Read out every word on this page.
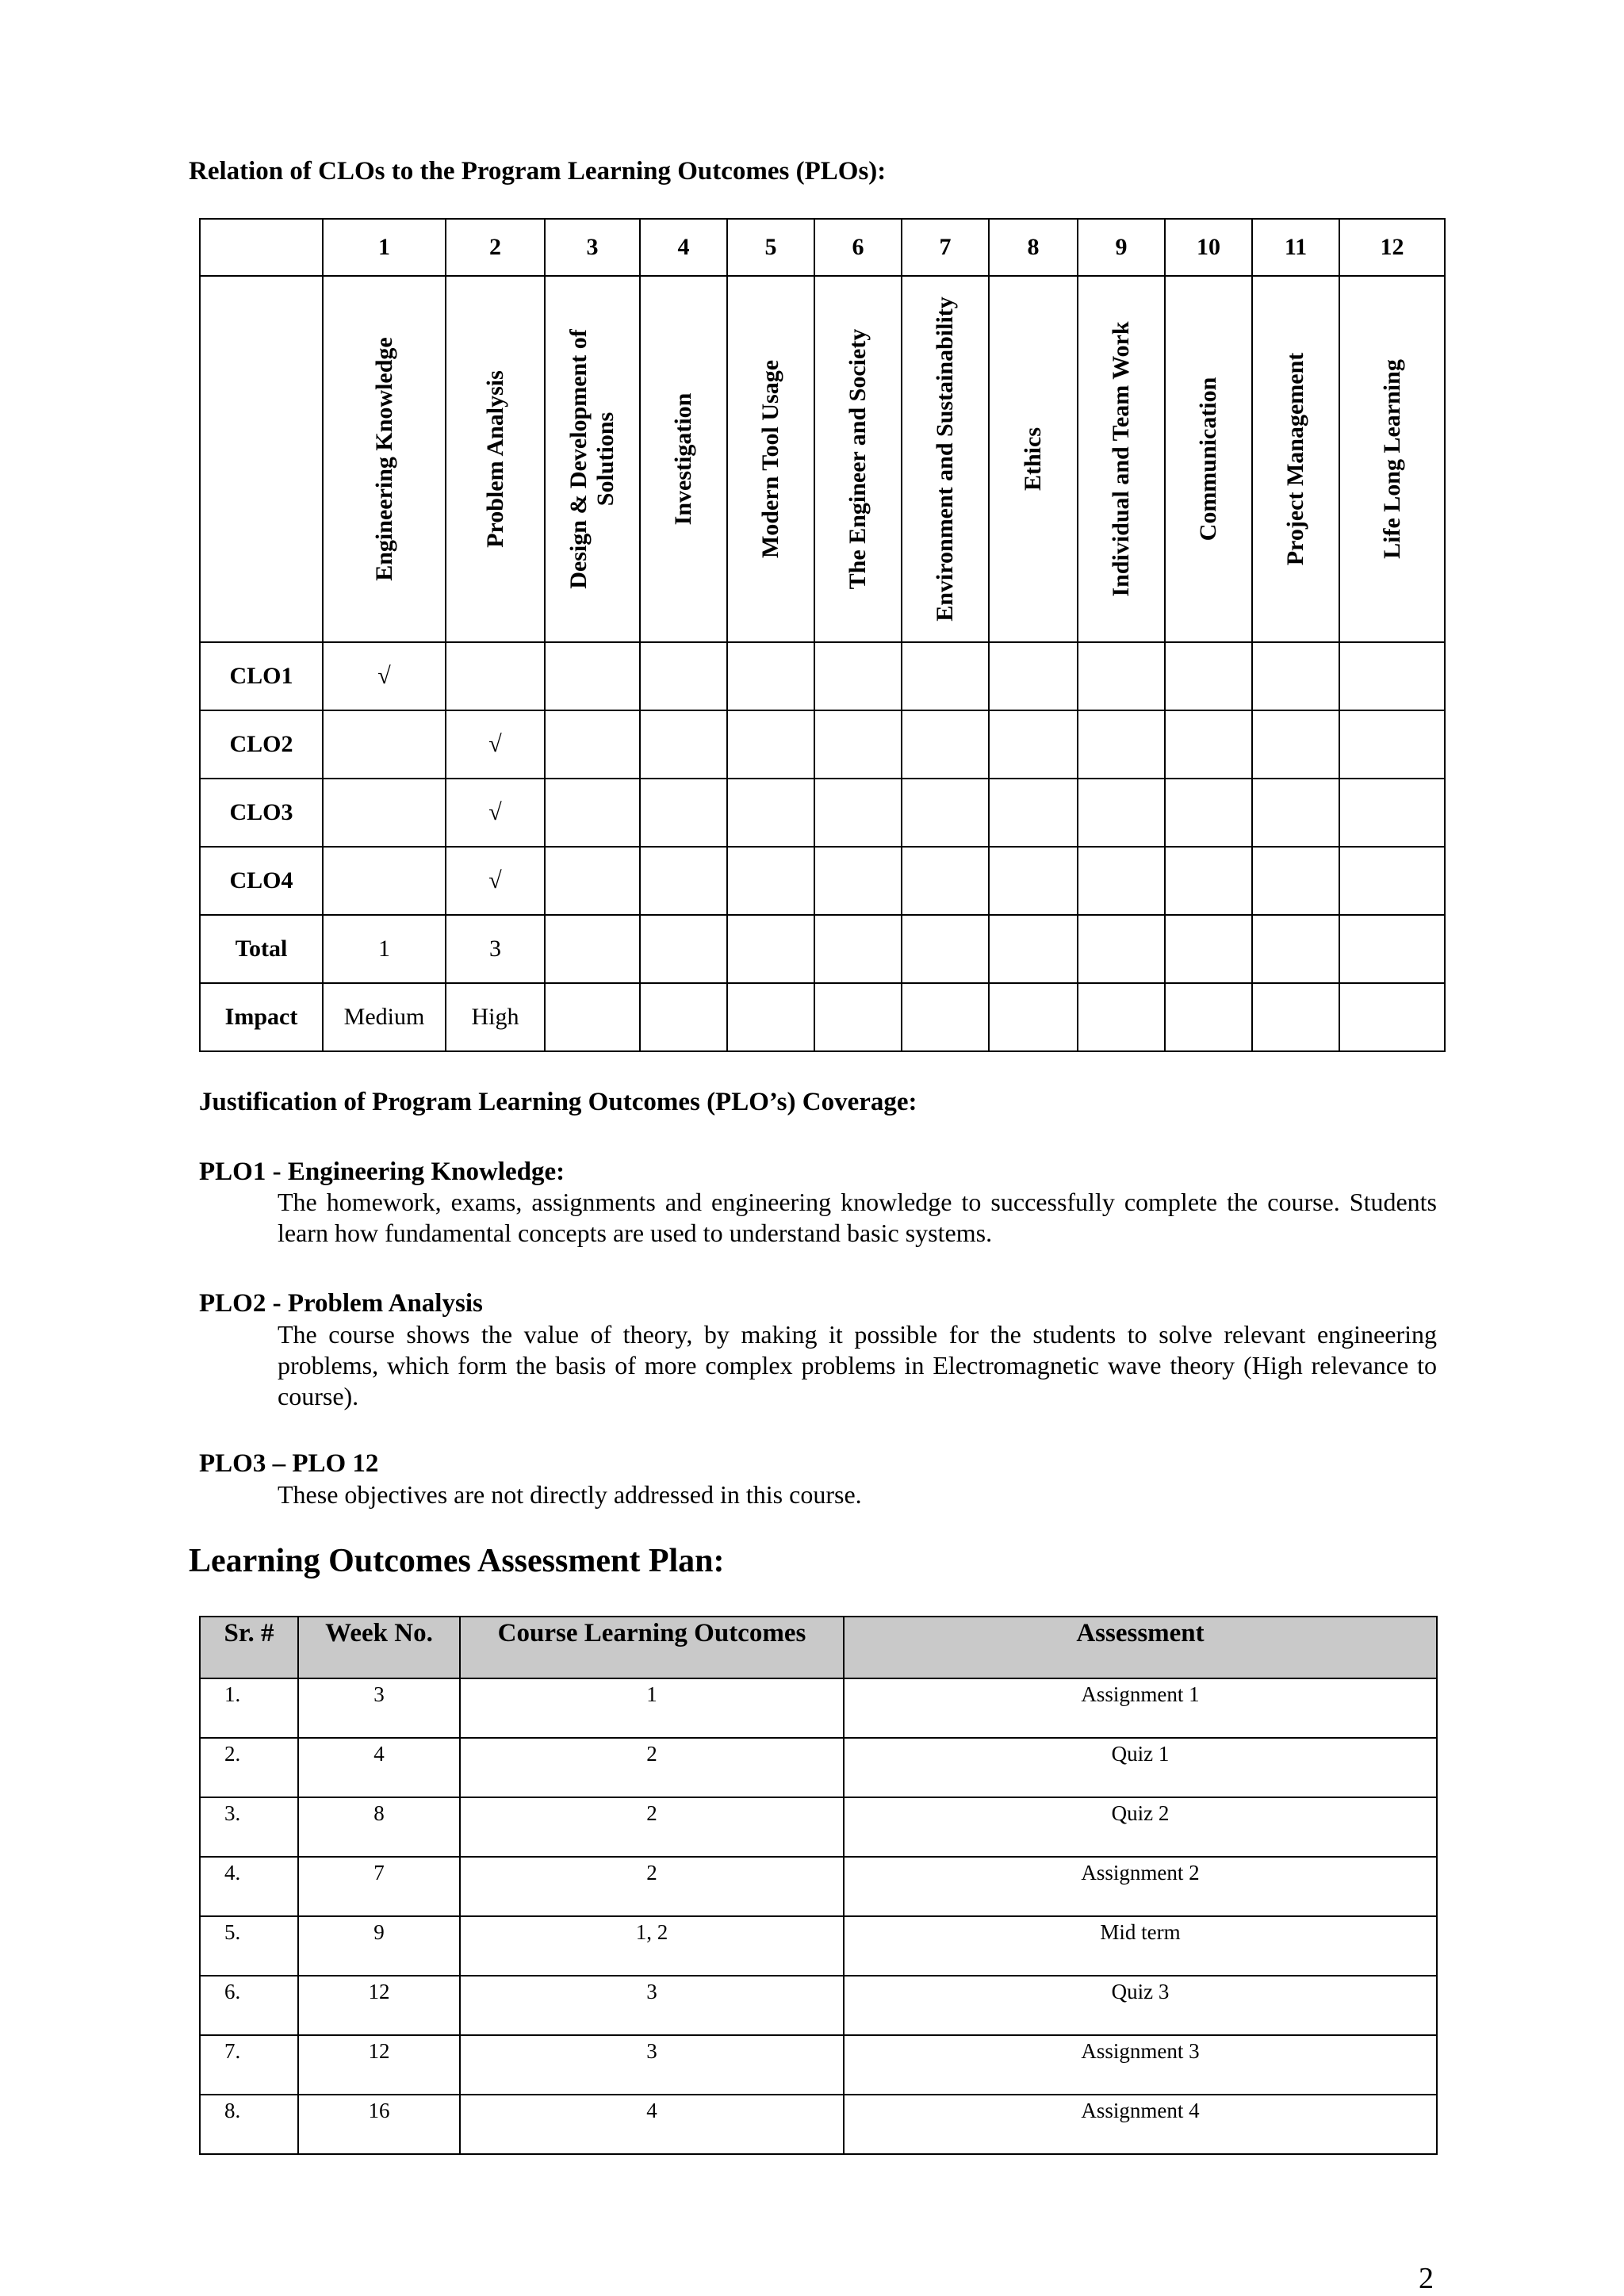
Relation of CLOs to the Program Learning Outcomes (PLOs):
	1	2	3	4	5	6	7	8	9	10	11	12

	Engineering Knowledge	Problem Analysis	Design & Development of Solutions	Investigation	Modern Tool Usage	The Engineer and Society	Environment and Sustainability	Ethics	Individual and Team Work	Communication	Project Management	Life Long Learning

CLO1	√											
CLO2		√										
CLO3		√										
CLO4		√										
Total	1	3										
Impact	Medium	High										
Justification of Program Learning Outcomes (PLO’s) Coverage:
PLO1 - Engineering Knowledge:
The homework, exams, assignments and engineering knowledge to successfully complete the course. Students learn how fundamental concepts are used to understand basic systems.
PLO2 - Problem Analysis
The course shows the value of theory, by making it possible for the students to solve relevant engineering problems, which form the basis of more complex problems in Electromagnetic wave theory (High relevance to course).
PLO3 – PLO 12
These objectives are not directly addressed in this course.
Learning Outcomes Assessment Plan:
Sr. #	Week No.	Course Learning Outcomes	Assessment
1.	3	1	Assignment 1
2.	4	2	Quiz 1
3.	8	2	Quiz 2
4.	7	2	Assignment 2
5.	9	1, 2	Mid term
6.	12	3	Quiz 3
7.	12	3	Assignment 3
8.	16	4	Assignment 4
2
